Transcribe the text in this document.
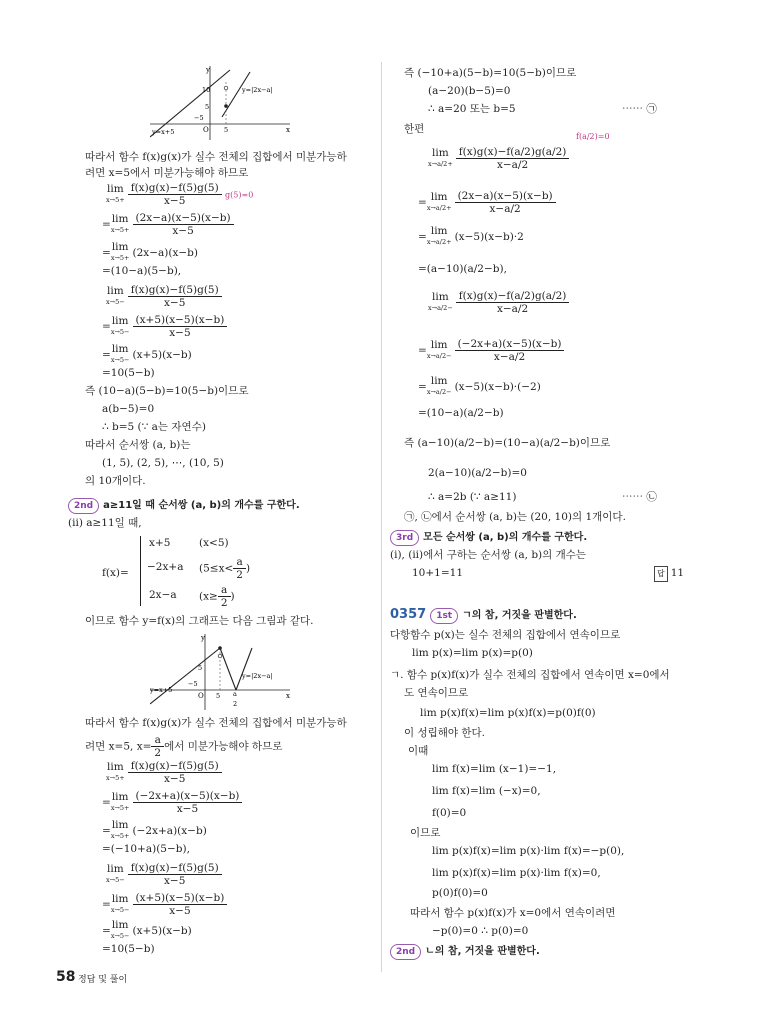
y
x
O
−5
5
5
10	y=|2x−a|
y=x+5
따라서 함수 f(x)g(x)가 실수 전체의 집합에서 미분가능하
려면 x=5에서 미분가능해야 하므로
lim
$x\to 5+ \frac{f(x)g(x)-f(5)g(5)}{x-5} g(5)=0$
=lim
$x\to 5+ \frac{(2x-a)(x-5)(x-b)}{x-5}$
=lim
x→5+ (2x−a)(x−b)
=(10−a)(5−b),
lim
$x\to 5- \frac{f(x)g(x)-f(5)g(5)}{x-5}$
=lim
$x\to 5- \frac{(x+5)(x-5)(x-b)}{x-5}$
=lim
x→5− (x+5)(x−b)
=10(5−b)
즉 (10−a)(5−b)=10(5−b)이므로
a(b−5)=0
∴ b=5 (∵ a는 자연수)
따라서 순서쌍 (a, b)는
(1, 5), (2, 5), ⋯, (10, 5)
의 10개이다.
2nd a≥11일 때 순서쌍 (a, b)의 개수를 구한다.
(ii) a≥11일 때,
f(x)=
x+5	(x<5)
−2x+a ($5\le x< \frac{a}{2}$ )
2x−a ($x\ge \frac{a}{2}$ )
이므로 함수 y=f(x)의 그래프는 다음 그림과 같다.
y
x
O
−5
5
5
a
2
y=|2x−a|
y=x+5
따라서 함수 f(x)g(x)가 실수 전체의 집합에서 미분가능하
려면 x=5, $x= \frac{a}{2}$ 에서 미분가능해야 하므로
lim
$x\to 5+ \frac{f(x)g(x)-f(5)g(5)}{x-5}$
=lim
$x\to 5+ \frac{(-2x+a)(x-5)(x-b)}{x-5}$
=lim
x→5+ (−2x+a)(x−b)
=(−10+a)(5−b),
lim
$x\to 5- \frac{f(x)g(x)-f(5)g(5)}{x-5}$
=lim
$x\to 5- \frac{(x+5)(x-5)(x-b)}{x-5}$
=lim
x→5− (x+5)(x−b)
=10(5−b)
즉 (−10+a)(5−b)=10(5−b)이므로
(a−20)(b−5)=0
∴ a=20 또는 b=5	⋯⋯ ㉠
한편
f(a/2)=0
lim
$x\to a/2+ \frac{f(x)g(x)-f(a/2)g(a/2)}{x-a/2}$
= lim
$x\to a/2+ \frac{(2x-a)(x-5)(x-b)}{x-a/2}$
= lim
x→a/2+ (x−5)(x−b)·2
=(a−10)(a/2−b),
lim
$x\to a/2- \frac{f(x)g(x)-f(a/2)g(a/2)}{x-a/2}$
= lim
$x\to a/2- \frac{(-2x+a)(x-5)(x-b)}{x-a/2}$
= lim
x→a/2− (x−5)(x−b)·(−2)
=(10−a)(a/2−b)
즉 (a−10)(a/2−b)=(10−a)(a/2−b)이므로
2(a−10)(a/2−b)=0
∴ a=2b (∵ a≥11)	⋯⋯ ㉡
㉠, ㉡에서 순서쌍 (a, b)는 (20, 10)의 1개이다.
3rd 모든 순서쌍 (a, b)의 개수를 구한다.
(i), (ii)에서 구하는 순서쌍 (a, b)의 개수는
10+1=11	답 11
0357 1st ㄱ의 참, 거짓을 판별한다.
다항함수 p(x)는 실수 전체의 집합에서 연속이므로
lim p(x)=lim p(x)=p(0)
ㄱ. 함수 p(x)f(x)가 실수 전체의 집합에서 연속이면 x=0에서
도 연속이므로
lim p(x)f(x)=lim p(x)f(x)=p(0)f(0)
이 성립해야 한다.
이때
lim f(x)=lim (x−1)=−1,
lim f(x)=lim (−x)=0,
f(0)=0
이므로
lim p(x)f(x)=lim p(x)·lim f(x)=−p(0),
lim p(x)f(x)=lim p(x)·lim f(x)=0,
p(0)f(0)=0
따라서 함수 p(x)f(x)가 x=0에서 연속이려면
−p(0)=0 ∴ p(0)=0
2nd ㄴ의 참, 거짓을 판별한다.
58 정답 및 풀이
